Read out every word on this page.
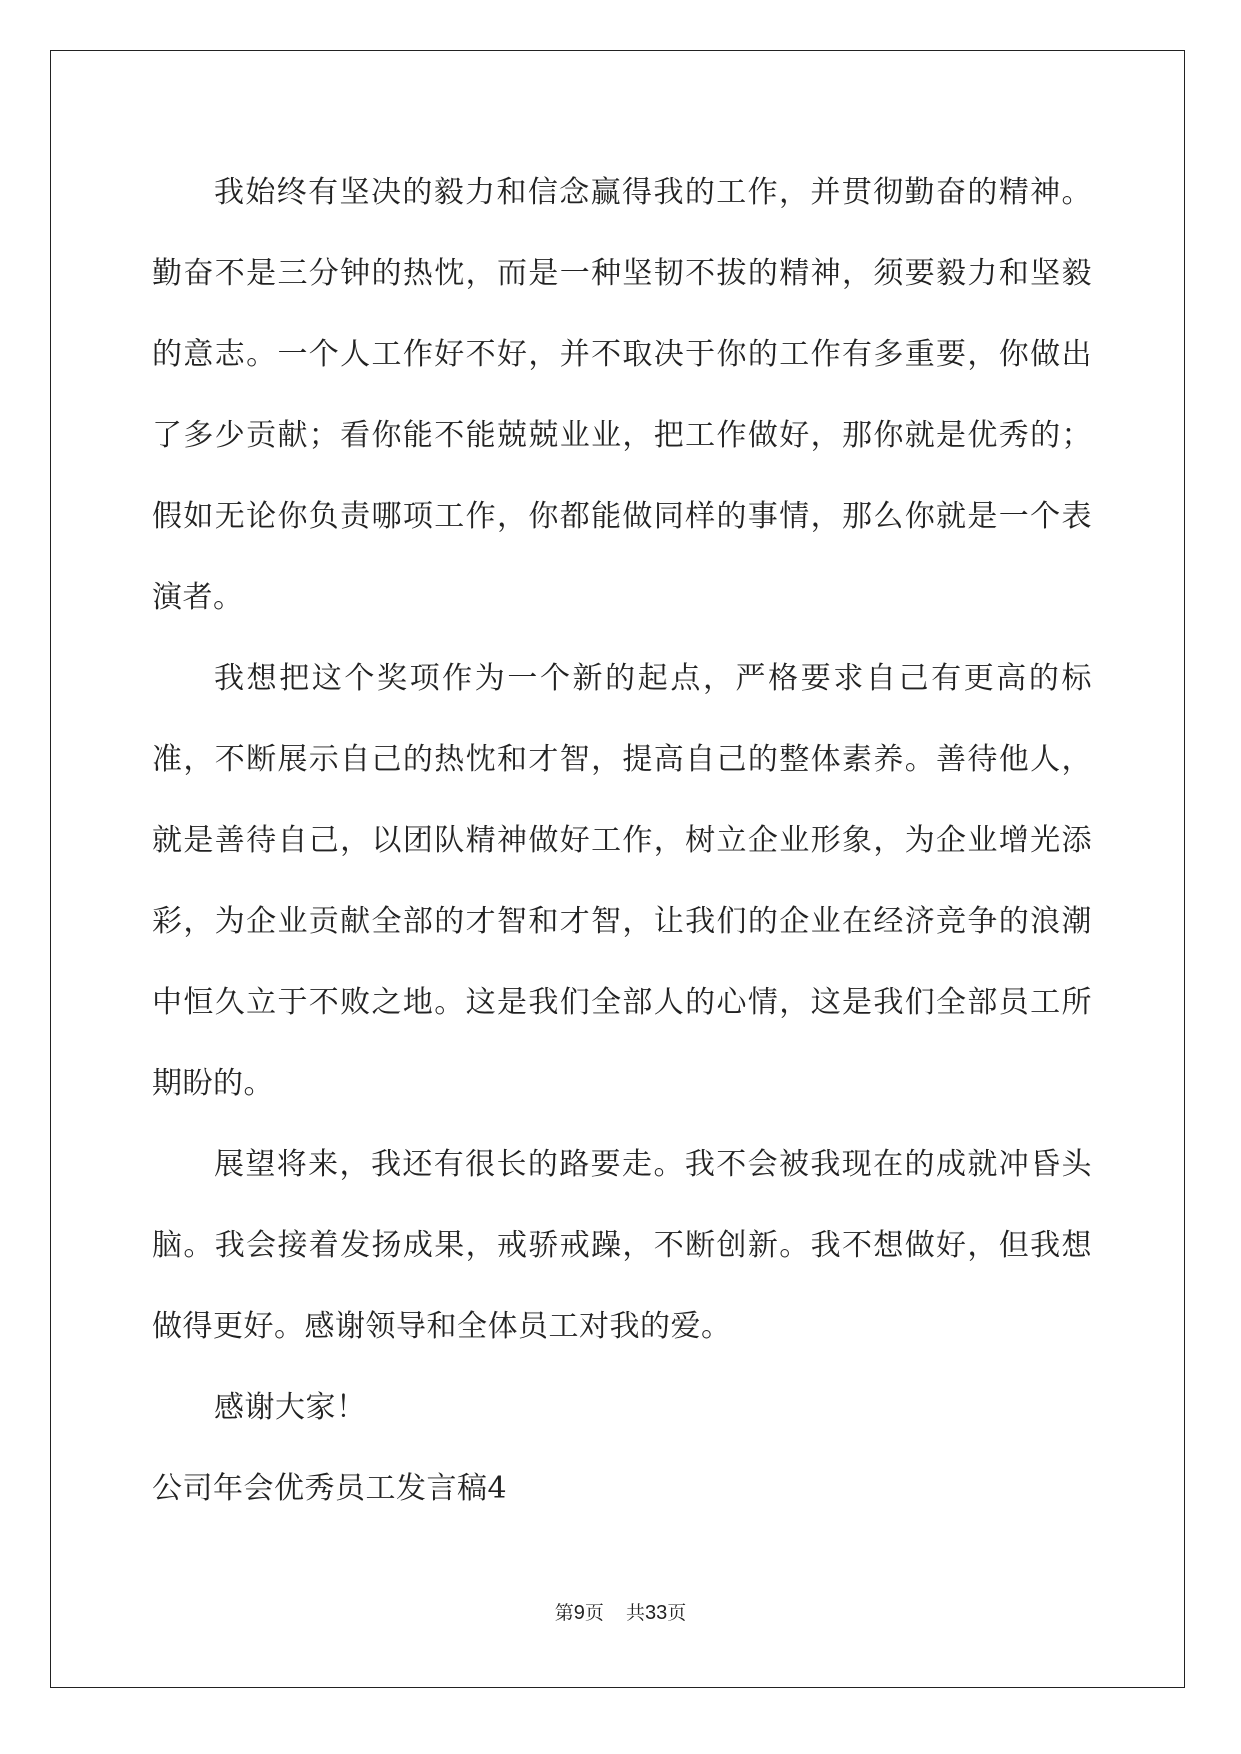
我始终有坚决的毅力和信念赢得我的工作，并贯彻勤奋的精神。勤奋不是三分钟的热忱，而是一种坚韧不拔的精神，须要毅力和坚毅的意志。一个人工作好不好，并不取决于你的工作有多重要，你做出了多少贡献；看你能不能兢兢业业，把工作做好，那你就是优秀的；假如无论你负责哪项工作，你都能做同样的事情，那么你就是一个表演者。

我想把这个奖项作为一个新的起点，严格要求自己有更高的标准，不断展示自己的热忱和才智，提高自己的整体素养。善待他人，就是善待自己，以团队精神做好工作，树立企业形象，为企业增光添彩，为企业贡献全部的才智和才智，让我们的企业在经济竞争的浪潮中恒久立于不败之地。这是我们全部人的心情，这是我们全部员工所期盼的。

展望将来，我还有很长的路要走。我不会被我现在的成就冲昏头脑。我会接着发扬成果，戒骄戒躁，不断创新。我不想做好，但我想做得更好。感谢领导和全体员工对我的爱。

感谢大家！

公司年会优秀员工发言稿4

第9页 共33页
